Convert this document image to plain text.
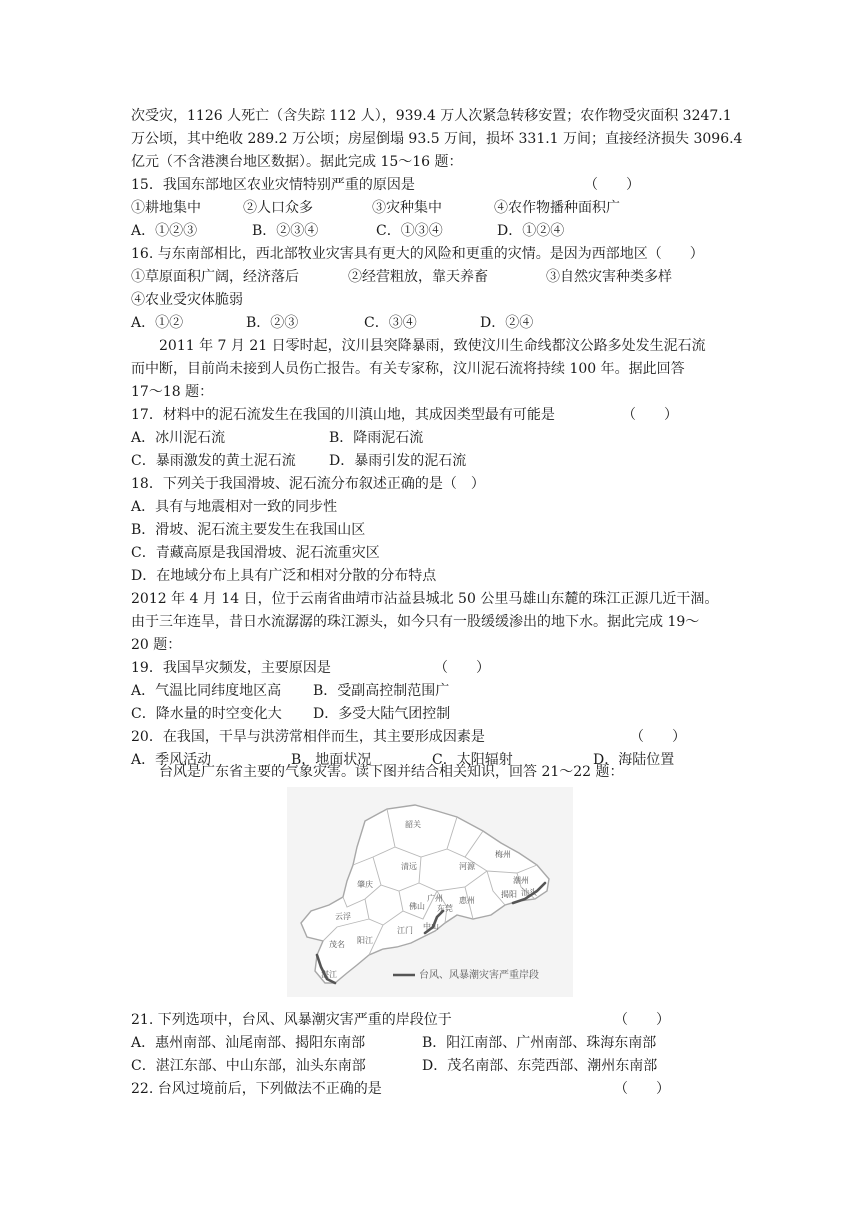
次受灾，1126 人死亡（含失踪 112 人），939.4 万人次紧急转移安置；农作物受灾面积 3247.1
万公顷，其中绝收 289.2 万公顷；房屋倒塌 93.5 万间，损坏 331.1 万间；直接经济损失 3096.4
亿元（不含港澳台地区数据）。据此完成 15～16 题：
15．我国东部地区农业灾情特别严重的原因是	（　　）
①耕地集中	②人口众多	③灾种集中	④农作物播种面积广
A．①②③	B．②③④	C．①③④	D．①②④
16. 与东南部相比，西北部牧业灾害具有更大的风险和更重的灾情。是因为西部地区（　　）
①草原面积广阔，经济落后	②经营粗放，靠天养畜	③自然灾害种类多样
④农业受灾体脆弱
A．①②	B．②③	C．③④	D．②④
2011 年 7 月 21 日零时起，汶川县突降暴雨，致使汶川生命线都汶公路多处发生泥石流
而中断，目前尚未接到人员伤亡报告。有关专家称，汶川泥石流将持续 100 年。据此回答
17～18 题：
17．材料中的泥石流发生在我国的川滇山地，其成因类型最有可能是	（　　）
A．冰川泥石流	B．降雨泥石流
C．暴雨激发的黄土泥石流 D．暴雨引发的泥石流
18．下列关于我国滑坡、泥石流分布叙述正确的是（　）
A．具有与地震相对一致的同步性
B．滑坡、泥石流主要发生在我国山区
C．青藏高原是我国滑坡、泥石流重灾区
D．在地域分布上具有广泛和相对分散的分布特点
2012 年 4 月 14 日，位于云南省曲靖市沾益县城北 50 公里马雄山东麓的珠江正源几近干涸。
由于三年连旱，昔日水流潺潺的珠江源头，如今只有一股缓缓渗出的地下水。据此完成 19～
20 题：
19．我国旱灾频发，主要原因是	（　　）
A．气温比同纬度地区高 B．受副高控制范围广
C．降水量的时空变化大 D．多受大陆气团控制
20．在我国，干旱与洪涝常相伴而生，其主要形成因素是	（　　）
A．季风活动	B．地面状况	C．太阳辐射	D．海陆位置
台风是广东省主要的气象灾害。读下图并结合相关知识，回答 21～22 题：
韶关
清远
梅州
河源
肇庆
云浮
广州 惠州
潮州
汕头
揭阳
佛山
江门
东莞
中山
阳江
茂名
湛江	台风、风暴潮灾害严重岸段
21. 下列选项中，台风、风暴潮灾害严重的岸段位于	（　　）
A．惠州南部、汕尾南部、揭阳东南部	B．阳江南部、广州南部、珠海东南部
C．湛江东部、中山东部，汕头东南部	D．茂名南部、东莞西部、潮州东南部
22. 台风过境前后，下列做法不正确的是	（　　）
